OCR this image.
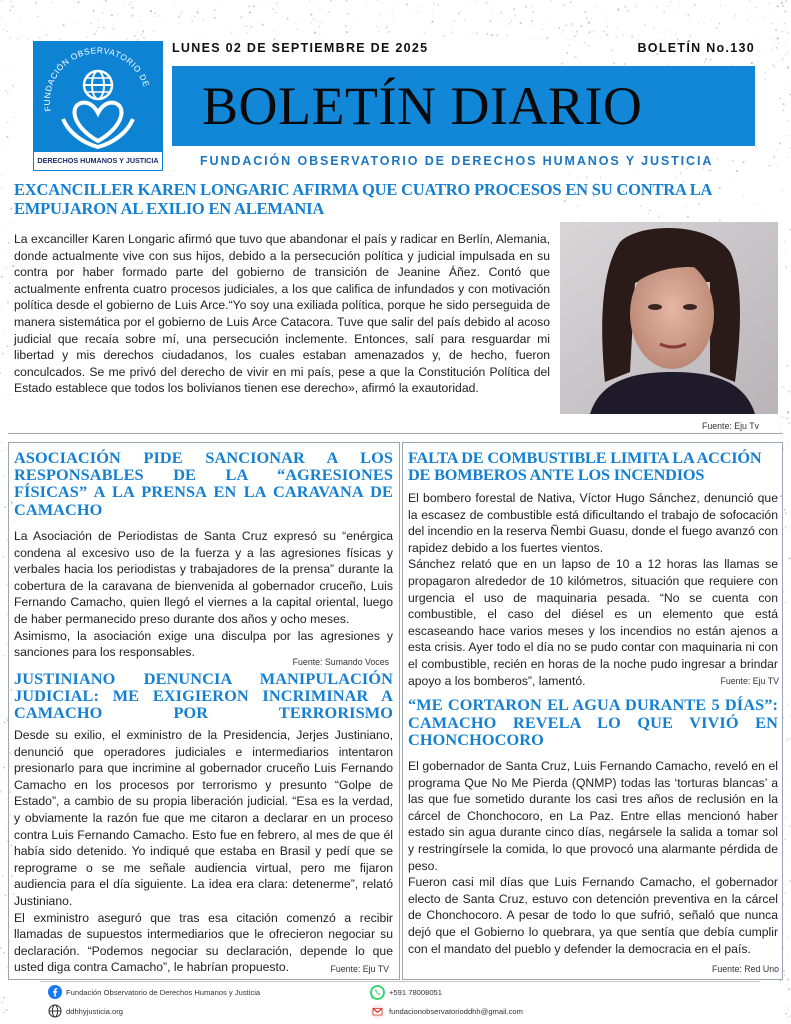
FUNDACIÓN OBSERVATORIO DE
DERECHOS HUMANOS Y JUSTICIA
LUNES 02 DE SEPTIEMBRE DE 2025	BOLETÍN No.130
BOLETÍN DIARIO
FUNDACIÓN OBSERVATORIO DE DERECHOS HUMANOS Y JUSTICIA
EXCANCILLER KAREN LONGARIC AFIRMA QUE CUATRO PROCESOS EN SU CONTRA LA EMPUJARON AL EXILIO EN ALEMANIA

La excanciller Karen Longaric afirmó que tuvo que abandonar el país y radicar en Berlín, Alemania, donde actualmente vive con sus hijos, debido a la persecución política y judicial impulsada en su contra por haber formado parte del gobierno de transición de Jeanine Áñez. Contó que actualmente enfrenta cuatro procesos judiciales, a los que califica de infundados y con motivación política desde el gobierno de Luis Arce.“Yo soy una exiliada política, porque he sido perseguida de manera sistemática por el gobierno de Luis Arce Catacora. Tuve que salir del país debido al acoso judicial que recaía sobre mí, una persecución inclemente. Entonces, salí para resguardar mi libertad y mis derechos ciudadanos, los cuales estaban amenazados y, de hecho, fueron conculcados. Se me privó del derecho de vivir en mi país, pese a que la Constitución Política del Estado establece que todos los bolivianos tienen ese derecho», afirmó la exautoridad.

Fuente: Eju Tv
ASOCIACIÓN PIDE SANCIONAR A LOS RESPONSABLES DE LA “AGRESIONES FÍSICAS” A LA PRENSA EN LA CARAVANA DE CAMACHO

La Asociación de Periodistas de Santa Cruz expresó su “enérgica condena al excesivo uso de la fuerza y a las agresiones físicas y verbales hacia los periodistas y trabajadores de la prensa” durante la cobertura de la caravana de bienvenida al gobernador cruceño, Luis Fernando Camacho, quien llegó el viernes a la capital oriental, luego de haber permanecido preso durante dos años y ocho meses.

Asimismo, la asociación exige una disculpa por las agresiones y sanciones para los responsables.

Fuente: Sumando Voces
JUSTINIANO DENUNCIA MANIPULACIÓN JUDICIAL: ME EXIGIERON INCRIMINAR A CAMACHO POR TERRORISMO

Desde su exilio, el exministro de la Presidencia, Jerjes Justiniano, denunció que operadores judiciales e intermediarios intentaron presionarlo para que incrimine al gobernador cruceño Luis Fernando Camacho en los procesos por terrorismo y presunto “Golpe de Estado”, a cambio de su propia liberación judicial. “Esa es la verdad, y obviamente la razón fue que me citaron a declarar en un proceso contra Luis Fernando Camacho. Esto fue en febrero, al mes de que él había sido detenido. Yo indiqué que estaba en Brasil y pedí que se reprograme o se me señale audiencia virtual, pero me fijaron audiencia para el día siguiente. La idea era clara: detenerme”, relató Justiniano.

El exministro aseguró que tras esa citación comenzó a recibir llamadas de supuestos intermediarios que le ofrecieron negociar su declaración. “Podemos negociar su declaración, depende lo que usted diga contra Camacho”, le habrían propuesto.	Fuente: Eju TV
FALTA DE COMBUSTIBLE LIMITA LA ACCIÓN DE BOMBEROS ANTE LOS INCENDIOS

El bombero forestal de Nativa, Víctor Hugo Sánchez, denunció que la escasez de combustible está dificultando el trabajo de sofocación del incendio en la reserva Ñembi Guasu, donde el fuego avanzó con rapidez debido a los fuertes vientos.

Sánchez relató que en un lapso de 10 a 12 horas las llamas se propagaron alrededor de 10 kilómetros, situación que requiere con urgencia el uso de maquinaria pesada. “No se cuenta con combustible, el caso del diésel es un elemento que está escaseando hace varios meses y los incendios no están ajenos a esta crisis. Ayer todo el día no se pudo contar con maquinaria ni con el combustible, recién en horas de la noche pudo ingresar a brindar apoyo a los bomberos”, lamentó.	Fuente: Eju TV
“ME CORTARON EL AGUA DURANTE 5 DÍAS”: CAMACHO REVELA LO QUE VIVIÓ EN CHONCHOCORO

El gobernador de Santa Cruz, Luis Fernando Camacho, reveló en el programa Que No Me Pierda (QNMP) todas las ‘torturas blancas’ a las que fue sometido durante los casi tres años de reclusión en la cárcel de Chonchocoro, en La Paz. Entre ellas mencionó haber estado sin agua durante cinco días, negársele la salida a tomar sol y restringírsele la comida, lo que provocó una alarmante pérdida de peso.

Fueron casi mil días que Luis Fernando Camacho, el gobernador electo de Santa Cruz, estuvo con detención preventiva en la cárcel de Chonchocoro. A pesar de todo lo que sufrió, señaló que nunca dejó que el Gobierno lo quebrara, ya que sentía que debía cumplir con el mandato del pueblo y defender la democracia en el país.

Fuente: Red Uno
Fundación Observatorio de Derechos Humanos y Justicia
ddhhyjusticia.org
+591 78008051
fundacionobservatorioddhh@gmail.com
